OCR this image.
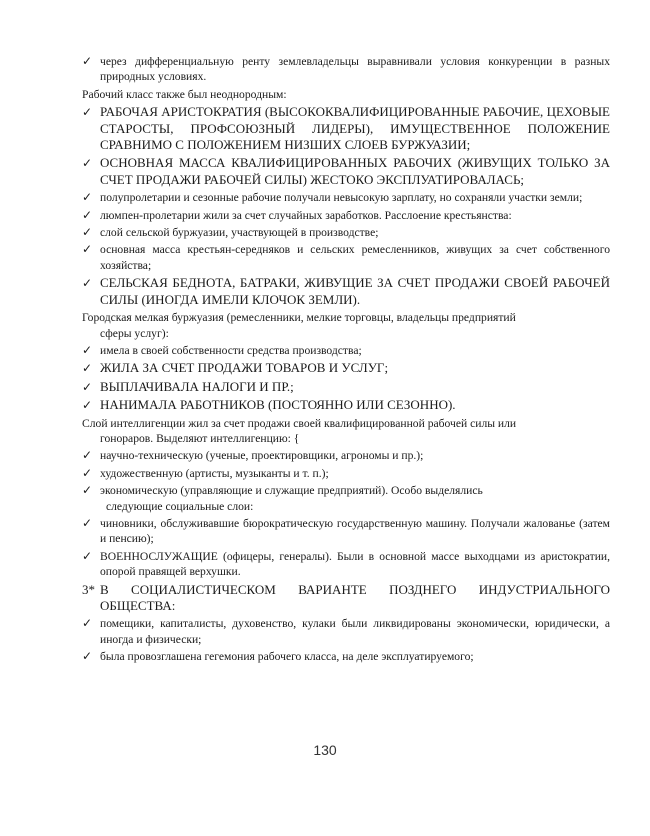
✓ через дифференциальную ренту землевладельцы выравнивали условия конкуренции в разных природных условиях.
Рабочий класс также был неоднородным:
✓ РАБОЧАЯ АРИСТОКРАТИЯ (ВЫСОКОКВАЛИФИЦИРОВАННЫЕ РАБОЧИЕ, ЦЕХОВЫЕ СТАРОСТЫ, ПРОФСОЮЗНЫЙ ЛИДЕРЫ), ИМУЩЕСТВЕННОЕ ПОЛОЖЕНИЕ СРАВНИМО С ПОЛОЖЕНИЕМ НИЗШИХ СЛОЕВ БУРЖУАЗИИ;
✓ ОСНОВНАЯ МАССА КВАЛИФИЦИРОВАННЫХ РАБОЧИХ (ЖИВУЩИХ ТОЛЬКО ЗА СЧЕТ ПРОДАЖИ РАБОЧЕЙ СИЛЫ) ЖЕСТОКО ЭКСПЛУАТИРОВАЛАСЬ;
✓ полупролетарии и сезонные рабочие получали невысокую зарплату, но сохраняли участки земли;
✓ люмпен-пролетарии жили за счет случайных заработков. Расслоение крестьянства:
✓ слой сельской буржуазии, участвующей в производстве;
✓ основная масса крестьян-середняков и сельских ремесленников, живущих за счет собственного хозяйства;
✓ СЕЛЬСКАЯ БЕДНОТА, БАТРАКИ, ЖИВУЩИЕ ЗА СЧЕТ ПРОДАЖИ СВОЕЙ РАБОЧЕЙ СИЛЫ (ИНОГДА ИМЕЛИ КЛОЧОК ЗЕМЛИ).
Городская мелкая буржуазия (ремесленники, мелкие торговцы, владельцы предприятий
сферы услуг):
✓ имела в своей собственности средства производства;
✓ ЖИЛА ЗА СЧЕТ ПРОДАЖИ ТОВАРОВ И УСЛУГ;
✓ ВЫПЛАЧИВАЛА НАЛОГИ И ПР.;
✓ НАНИМАЛА РАБОТНИКОВ (ПОСТОЯННО ИЛИ СЕЗОННО).
Слой интеллигенции жил за счет продажи своей квалифицированной рабочей силы или
гонораров. Выделяют интеллигенцию: {
✓ научно-техническую (ученые, проектировщики, агрономы и пр.);
✓ художественную (артисты, музыканты и т. п.);
✓ экономическую (управляющие и служащие предприятий). Особо выделялись
следующие социальные слои:
✓ чиновники, обслуживавшие бюрократическую государственную машину. Получали жалованье (затем и пенсию);
✓ ВОЕННОСЛУЖАЩИЕ (офицеры, генералы). Были в основной массе выходцами из аристократии, опорой правящей верхушки.
3* В СОЦИАЛИСТИЧЕСКОМ ВАРИАНТЕ ПОЗДНЕГО ИНДУСТРИАЛЬНОГО ОБЩЕСТВА:
✓ помещики, капиталисты, духовенство, кулаки были ликвидированы экономически, юридически, а иногда и физически;
✓ была провозглашена гегемония рабочего класса, на деле эксплуатируемого;
130
